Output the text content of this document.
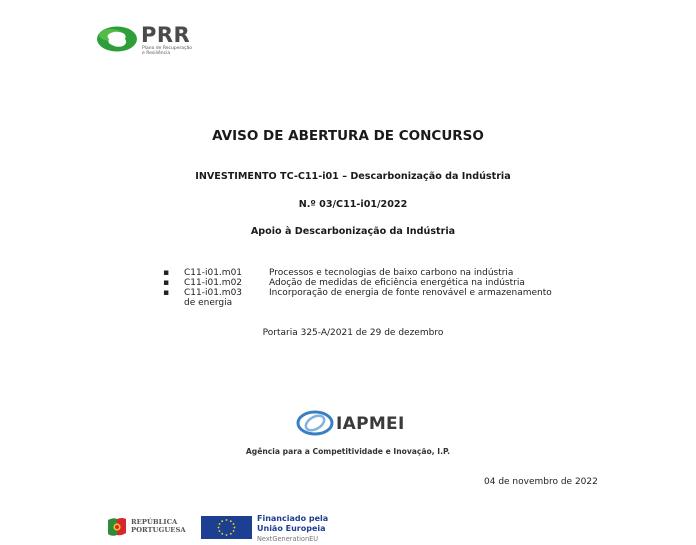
PRR
Plano de Recuperação
e Resiliência
AVISO DE ABERTURA DE CONCURSO
INVESTIMENTO TC-C11-i01 – Descarbonização da Indústria
N.º 03/C11-i01/2022
Apoio à Descarbonização da Indústria
▪	C11-i01.m01	Processos e tecnologias de baixo carbono na indústria
▪	C11-i01.m02	Adoção de medidas de eficiência energética na indústria
▪	C11-i01.m03	Incorporação de energia de fonte renovável e armazenamento
de energia
Portaria 325-A/2021 de 29 de dezembro
IAPMEI
Agência para a Competitividade e Inovação, I.P.
04 de novembro de 2022
REPÚBLICA
PORTUGUESA
Financiado pela
União Europeia
NextGenerationEU
